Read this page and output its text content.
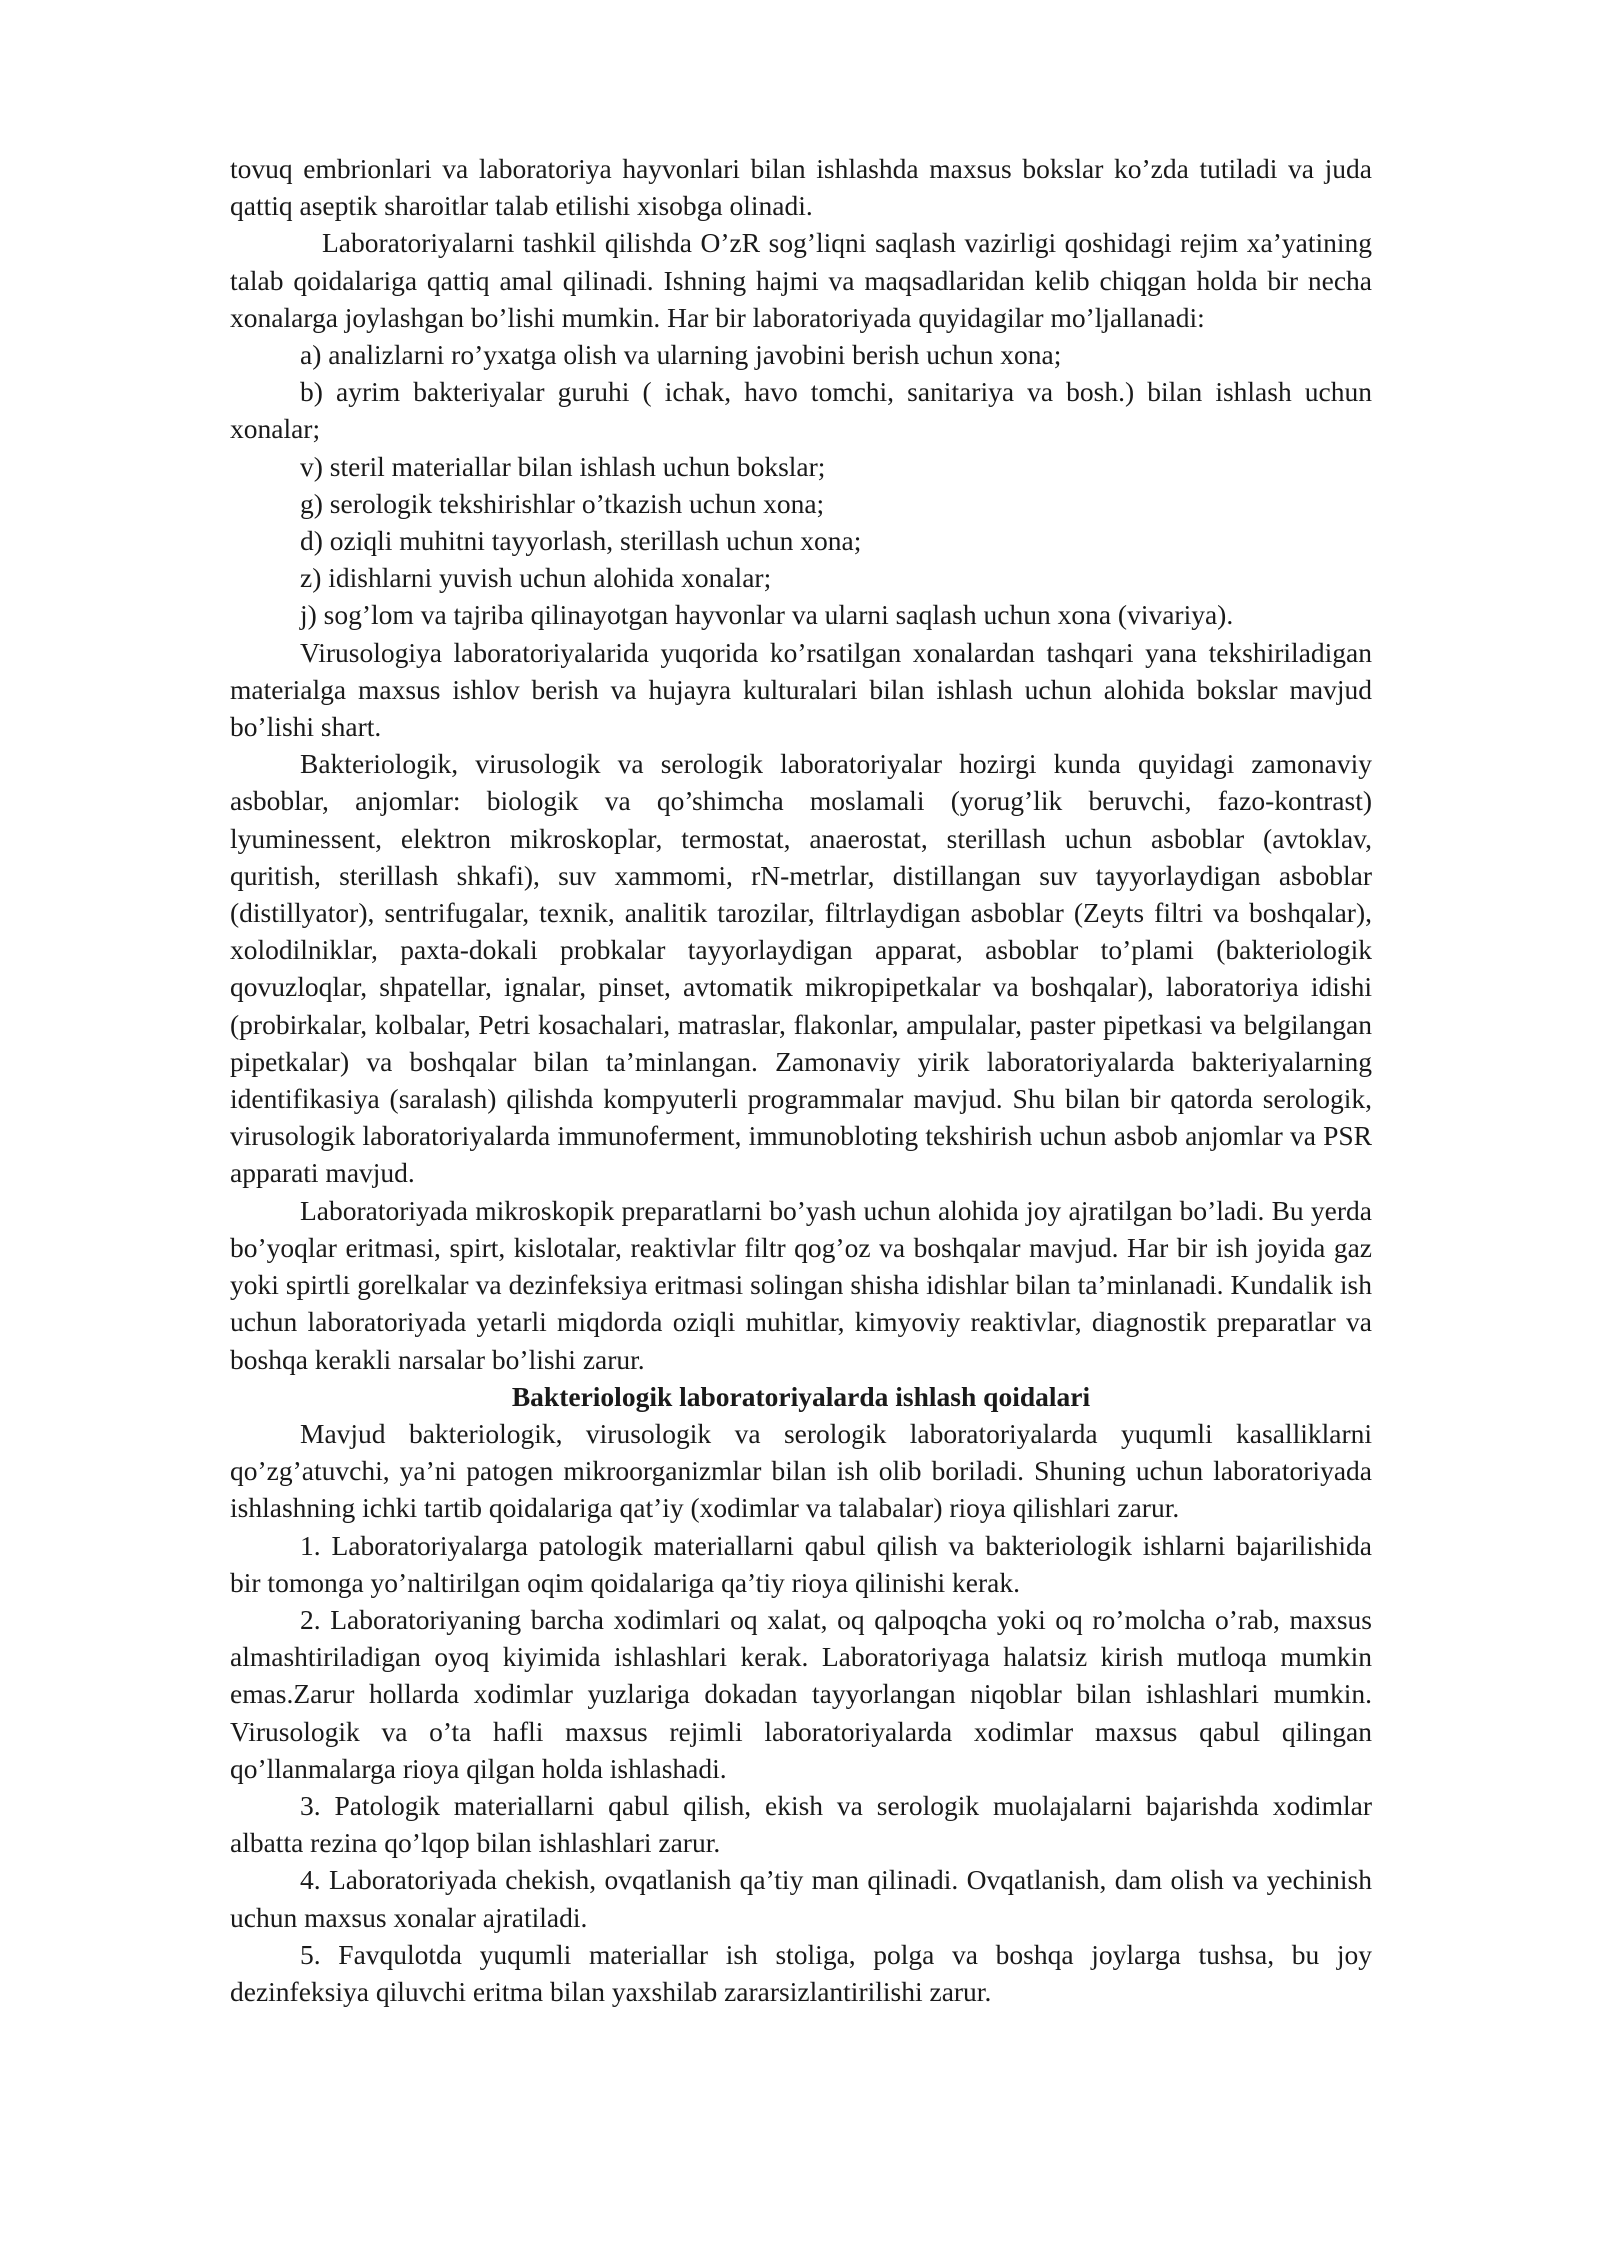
tovuq embrionlari va laboratoriya hayvonlari bilan ishlashda maxsus bokslar ko’zda tutiladi va juda qattiq aseptik sharoitlar talab etilishi xisobga olinadi.

Laboratoriyalarni tashkil qilishda O’zR sog’liqni saqlash vazirligi qoshidagi rejim xa’yatining talab qoidalariga qattiq amal qilinadi. Ishning hajmi va maqsadlaridan kelib chiqgan holda bir necha xonalarga joylashgan bo’lishi mumkin. Har bir laboratoriyada quyidagilar mo’ljallanadi:

a) analizlarni ro’yxatga olish va ularning javobini berish uchun xona;

b) ayrim bakteriyalar guruhi ( ichak, havo tomchi, sanitariya va bosh.) bilan ishlash uchun xonalar;

v) steril materiallar bilan ishlash uchun bokslar;

g) serologik tekshirishlar o’tkazish uchun xona;

d) oziqli muhitni tayyorlash, sterillash uchun xona;

z) idishlarni yuvish uchun alohida xonalar;

j) sog’lom va tajriba qilinayotgan hayvonlar va ularni saqlash uchun xona (vivariya).

Virusologiya laboratoriyalarida yuqorida ko’rsatilgan xonalardan tashqari yana tekshiriladigan materialga maxsus ishlov berish va hujayra kulturalari bilan ishlash uchun alohida bokslar mavjud bo’lishi shart.

Bakteriologik, virusologik va serologik laboratoriyalar hozirgi kunda quyidagi zamonaviy asboblar, anjomlar: biologik va qo’shimcha moslamali (yorug’lik beruvchi, fazo-kontrast) lyuminessent, elektron mikroskoplar, termostat, anaerostat, sterillash uchun asboblar (avtoklav, quritish, sterillash shkafi), suv xammomi, rN-metrlar, distillangan suv tayyorlaydigan asboblar (distillyator), sentrifugalar, texnik, analitik tarozilar, filtrlaydigan asboblar (Zeyts filtri va boshqalar), xolodilniklar, paxta-dokali probkalar tayyorlaydigan apparat, asboblar to’plami (bakteriologik qovuzloqlar, shpatellar, ignalar, pinset, avtomatik mikropipetkalar va boshqalar), laboratoriya idishi (probirkalar, kolbalar, Petri kosachalari, matraslar, flakonlar, ampulalar, paster pipetkasi va belgilangan pipetkalar) va boshqalar bilan ta’minlangan. Zamonaviy yirik laboratoriyalarda bakteriyalarning identifikasiya (saralash) qilishda kompyuterli programmalar mavjud. Shu bilan bir qatorda serologik, virusologik laboratoriyalarda immunoferment, immunobloting tekshirish uchun asbob anjomlar va PSR apparati mavjud.

Laboratoriyada mikroskopik preparatlarni bo’yash uchun alohida joy ajratilgan bo’ladi. Bu yerda bo’yoqlar eritmasi, spirt, kislotalar, reaktivlar filtr qog’oz va boshqalar mavjud. Har bir ish joyida gaz yoki spirtli gorelkalar va dezinfeksiya eritmasi solingan shisha idishlar bilan ta’minlanadi. Kundalik ish uchun laboratoriyada yetarli miqdorda oziqli muhitlar, kimyoviy reaktivlar, diagnostik preparatlar va boshqa kerakli narsalar bo’lishi zarur.

Bakteriologik laboratoriyalarda ishlash qoidalari

Mavjud bakteriologik, virusologik va serologik laboratoriyalarda yuqumli kasalliklarni qo’zg’atuvchi, ya’ni patogen mikroorganizmlar bilan ish olib boriladi. Shuning uchun laboratoriyada ishlashning ichki tartib qoidalariga qat’iy (xodimlar va talabalar) rioya qilishlari zarur.

1. Laboratoriyalarga patologik materiallarni qabul qilish va bakteriologik ishlarni bajarilishida bir tomonga yo’naltirilgan oqim qoidalariga qa’tiy rioya qilinishi kerak.

2. Laboratoriyaning barcha xodimlari oq xalat, oq qalpoqcha yoki oq ro’molcha o’rab, maxsus almashtiriladigan oyoq kiyimida ishlashlari kerak. Laboratoriyaga halatsiz kirish mutloqa mumkin emas.Zarur hollarda xodimlar yuzlariga dokadan tayyorlangan niqoblar bilan ishlashlari mumkin. Virusologik va o’ta hafli maxsus rejimli laboratoriyalarda xodimlar maxsus qabul qilingan qo’llanmalarga rioya qilgan holda ishlashadi.

3. Patologik materiallarni qabul qilish, ekish va serologik muolajalarni bajarishda xodimlar albatta rezina qo’lqop bilan ishlashlari zarur.

4. Laboratoriyada chekish, ovqatlanish qa’tiy man qilinadi. Ovqatlanish, dam olish va yechinish uchun maxsus xonalar ajratiladi.

5. Favqulotda yuqumli materiallar ish stoliga, polga va boshqa joylarga tushsa, bu joy dezinfeksiya qiluvchi eritma bilan yaxshilab zararsizlantirilishi zarur.
